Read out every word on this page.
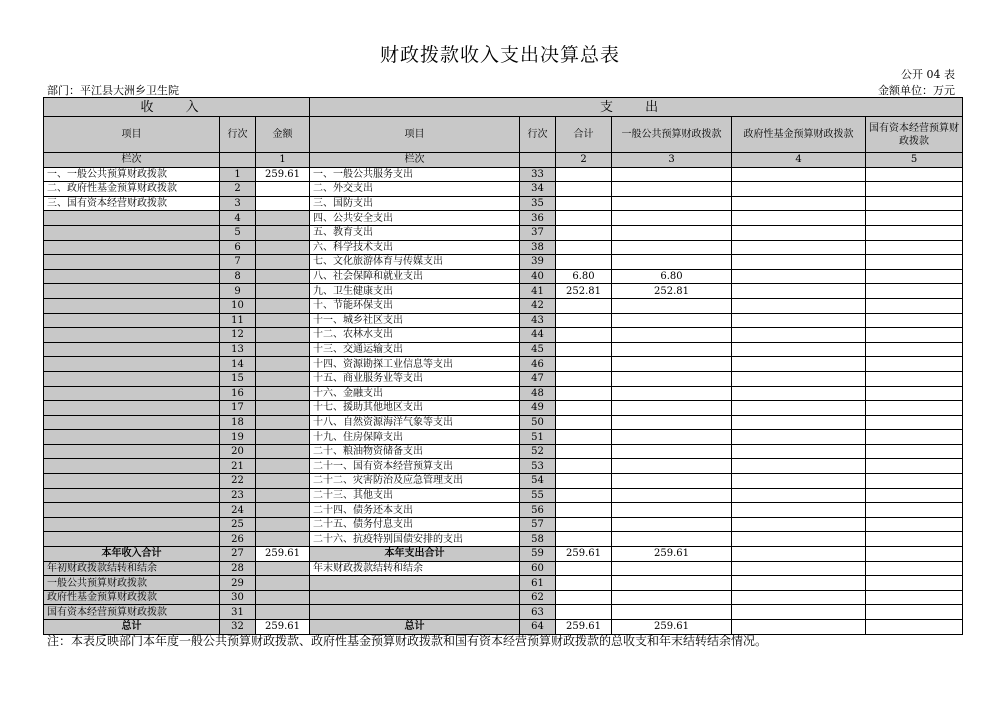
财政拨款收入支出决算总表
公开 04 表
部门：平江县大洲乡卫生院	金额单位：万元
收 入			支 出					
项目	行次	金额	项目	行次	合计	一般公共预算财政拨款	政府性基金预算财政拨款	国有资本经营预算财政拨款
栏次		1	栏次		2	3	4	5
一、一般公共预算财政拨款	1	259.61	一、一般公共服务支出	33				
二、政府性基金预算财政拨款	2		二、外交支出	34				
三、国有资本经营财政拨款	3		三、国防支出	35				
	4		四、公共安全支出	36				
	5		五、教育支出	37				
	6		六、科学技术支出	38				
	7		七、文化旅游体育与传媒支出	39				
	8		八、社会保障和就业支出	40	6.80	6.80		
	9		九、卫生健康支出	41	252.81	252.81		
	10		十、节能环保支出	42				
	11		十一、城乡社区支出	43				
	12		十二、农林水支出	44				
	13		十三、交通运输支出	45				
	14		十四、资源勘探工业信息等支出	46				
	15		十五、商业服务业等支出	47				
	16		十六、金融支出	48				
	17		十七、援助其他地区支出	49				
	18		十八、自然资源海洋气象等支出	50				
	19		十九、住房保障支出	51				
	20		二十、粮油物资储备支出	52				
	21		二十一、国有资本经营预算支出	53				
	22		二十二、灾害防治及应急管理支出	54				
	23		二十三、其他支出	55				
	24		二十四、债务还本支出	56				
	25		二十五、债务付息支出	57				
	26		二十六、抗疫特别国债安排的支出	58				
本年收入合计	27	259.61	本年支出合计	59	259.61	259.61		
年初财政拨款结转和结余	28		年末财政拨款结转和结余	60				
一般公共预算财政拨款	29			61				
政府性基金预算财政拨款	30			62				
国有资本经营预算财政拨款	31			63				
总计	32	259.61	总计	64	259.61	259.61		
注：本表反映部门本年度一般公共预算财政拨款、政府性基金预算财政拨款和国有资本经营预算财政拨款的总收支和年末结转结余情况。
